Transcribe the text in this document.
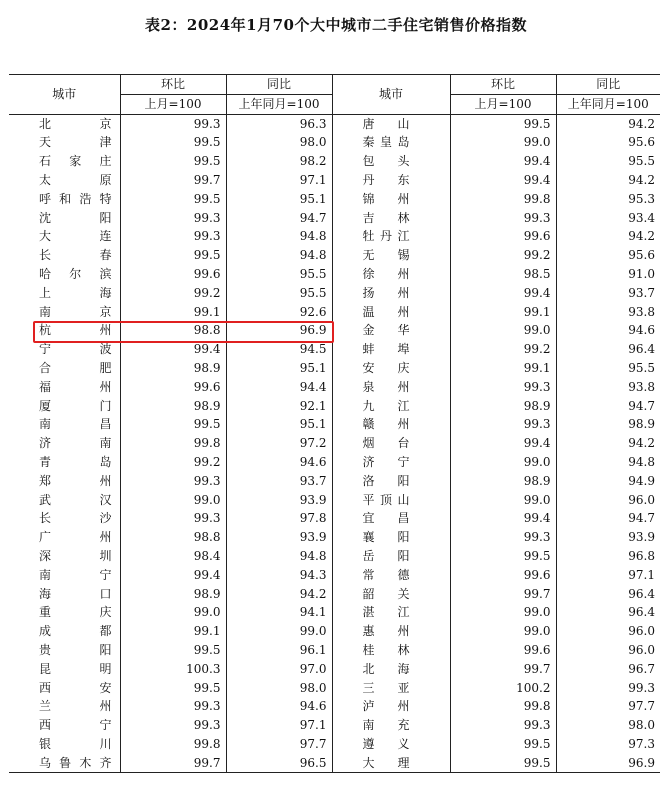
表2：2024年1月70个大中城市二手住宅销售价格指数
城市	环比	同比	城市	环比	同比
	上月=100	上年同月=100		上月=100	上年同月=100
北京	99.3	96.3	唐山	99.5	94.2
天津	99.5	98.0	秦皇岛	99.0	95.6
石家庄	99.5	98.2	包头	99.4	95.5
太原	99.7	97.1	丹东	99.4	94.2
呼和浩特	99.5	95.1	锦州	99.8	95.3
沈阳	99.3	94.7	吉林	99.3	93.4
大连	99.3	94.8	牡丹江	99.6	94.2
长春	99.5	94.8	无锡	99.2	95.6
哈尔滨	99.6	95.5	徐州	98.5	91.0
上海	99.2	95.5	扬州	99.4	93.7
南京	99.1	92.6	温州	99.1	93.8
杭州	98.8	96.9	金华	99.0	94.6
宁波	99.4	94.5	蚌埠	99.2	96.4
合肥	98.9	95.1	安庆	99.1	95.5
福州	99.6	94.4	泉州	99.3	93.8
厦门	98.9	92.1	九江	98.9	94.7
南昌	99.5	95.1	赣州	99.3	98.9
济南	99.8	97.2	烟台	99.4	94.2
青岛	99.2	94.6	济宁	99.0	94.8
郑州	99.3	93.7	洛阳	98.9	94.9
武汉	99.0	93.9	平顶山	99.0	96.0
长沙	99.3	97.8	宜昌	99.4	94.7
广州	98.8	93.9	襄阳	99.3	93.9
深圳	98.4	94.8	岳阳	99.5	96.8
南宁	99.4	94.3	常德	99.6	97.1
海口	98.9	94.2	韶关	99.7	96.4
重庆	99.0	94.1	湛江	99.0	96.4
成都	99.1	99.0	惠州	99.0	96.0
贵阳	99.5	96.1	桂林	99.6	96.0
昆明	100.3	97.0	北海	99.7	96.7
西安	99.5	98.0	三亚	100.2	99.3
兰州	99.3	94.6	泸州	99.8	97.7
西宁	99.3	97.1	南充	99.3	98.0
银川	99.8	97.7	遵义	99.5	97.3
乌鲁木齐	99.7	96.5	大理	99.5	96.9
